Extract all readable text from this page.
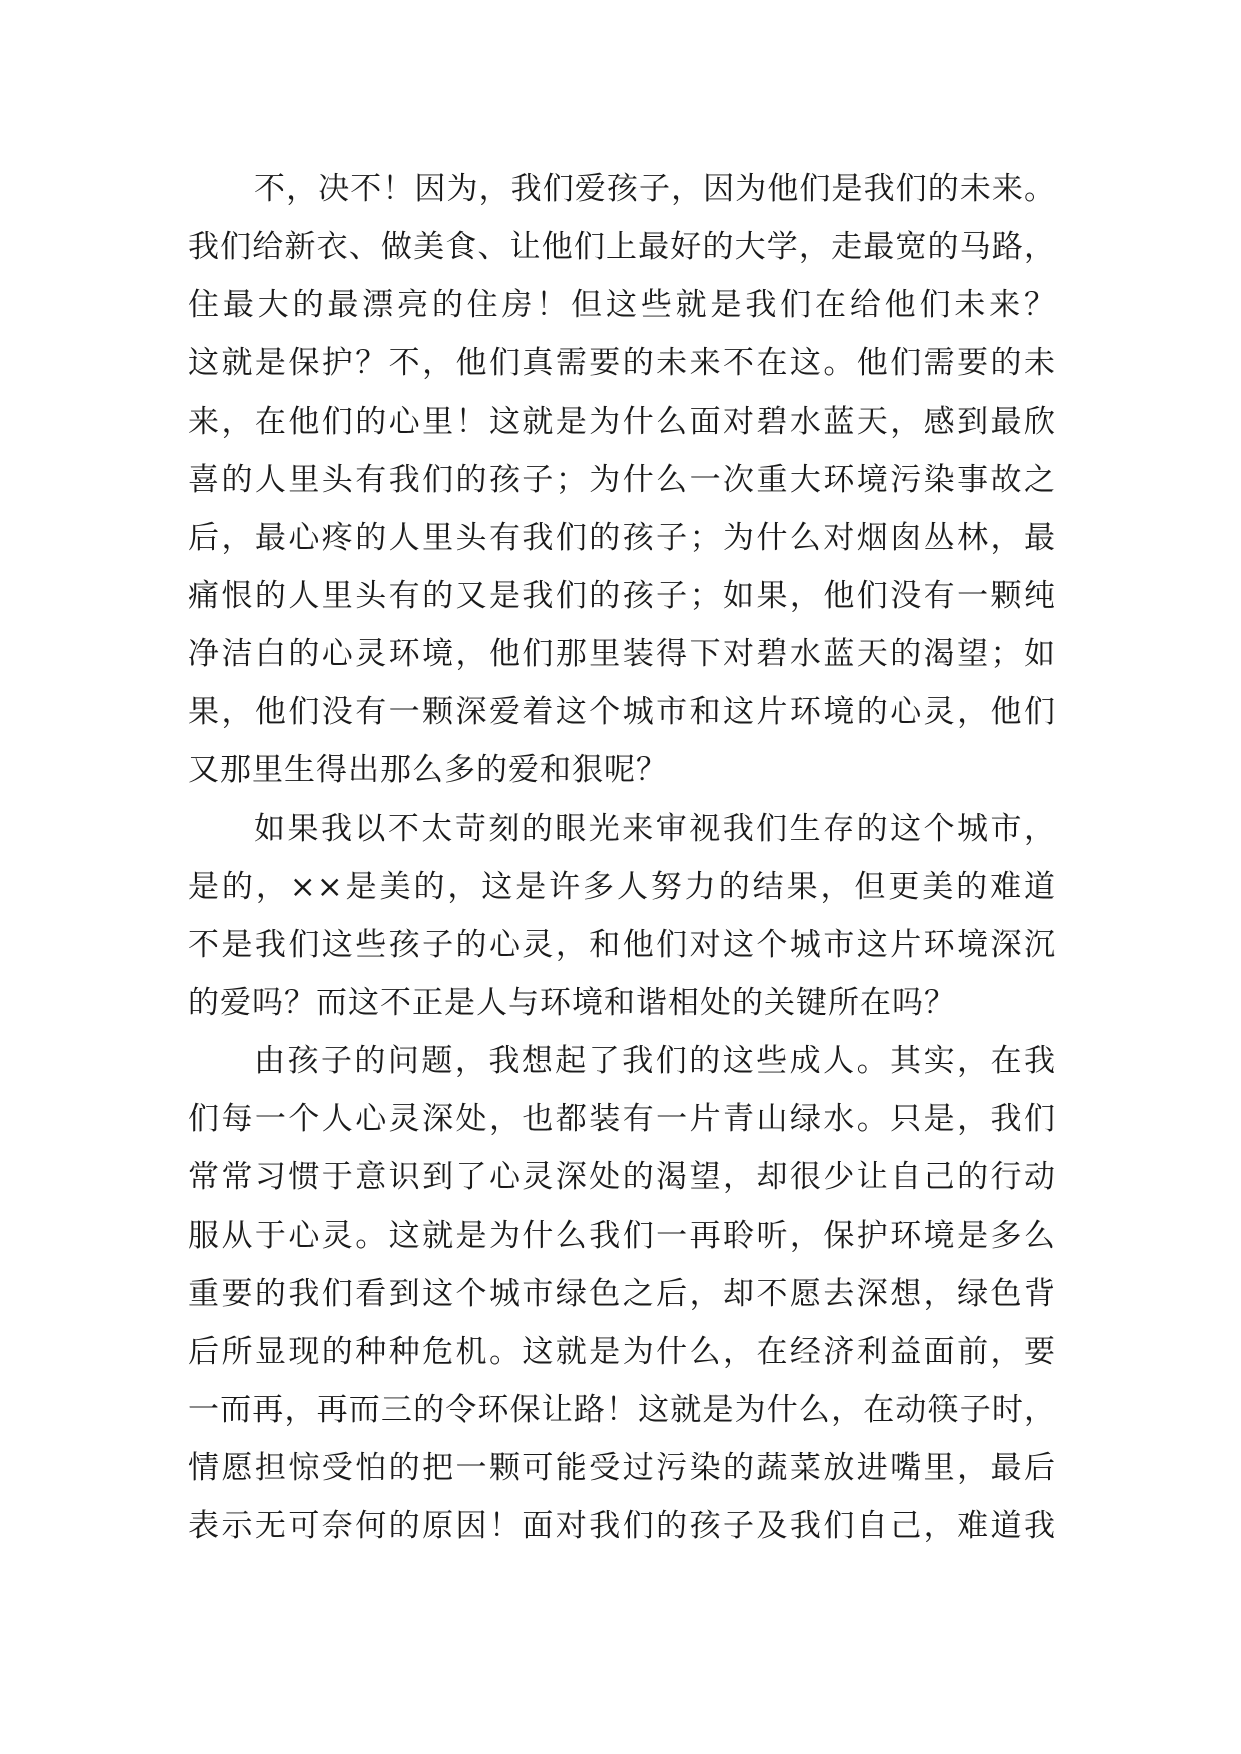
不，决不！因为，我们爱孩子，因为他们是我们的未来。
我们给新衣、做美食、让他们上最好的大学，走最宽的马路，
住最大的最漂亮的住房！但这些就是我们在给他们未来？
这就是保护？不，他们真需要的未来不在这。他们需要的未
来，在他们的心里！这就是为什么面对碧水蓝天，感到最欣
喜的人里头有我们的孩子；为什么一次重大环境污染事故之
后，最心疼的人里头有我们的孩子；为什么对烟囱丛林，最
痛恨的人里头有的又是我们的孩子；如果，他们没有一颗纯
净洁白的心灵环境，他们那里装得下对碧水蓝天的渴望；如
果，他们没有一颗深爱着这个城市和这片环境的心灵，他们
又那里生得出那么多的爱和狠呢？
如果我以不太苛刻的眼光来审视我们生存的这个城市，
是的，××是美的，这是许多人努力的结果，但更美的难道
不是我们这些孩子的心灵，和他们对这个城市这片环境深沉
的爱吗？而这不正是人与环境和谐相处的关键所在吗？
由孩子的问题，我想起了我们的这些成人。其实，在我
们每一个人心灵深处，也都装有一片青山绿水。只是，我们
常常习惯于意识到了心灵深处的渴望，却很少让自己的行动
服从于心灵。这就是为什么我们一再聆听，保护环境是多么
重要的我们看到这个城市绿色之后，却不愿去深想，绿色背
后所显现的种种危机。这就是为什么，在经济利益面前，要
一而再，再而三的令环保让路！这就是为什么，在动筷子时，
情愿担惊受怕的把一颗可能受过污染的蔬菜放进嘴里，最后
表示无可奈何的原因！面对我们的孩子及我们自己，难道我
